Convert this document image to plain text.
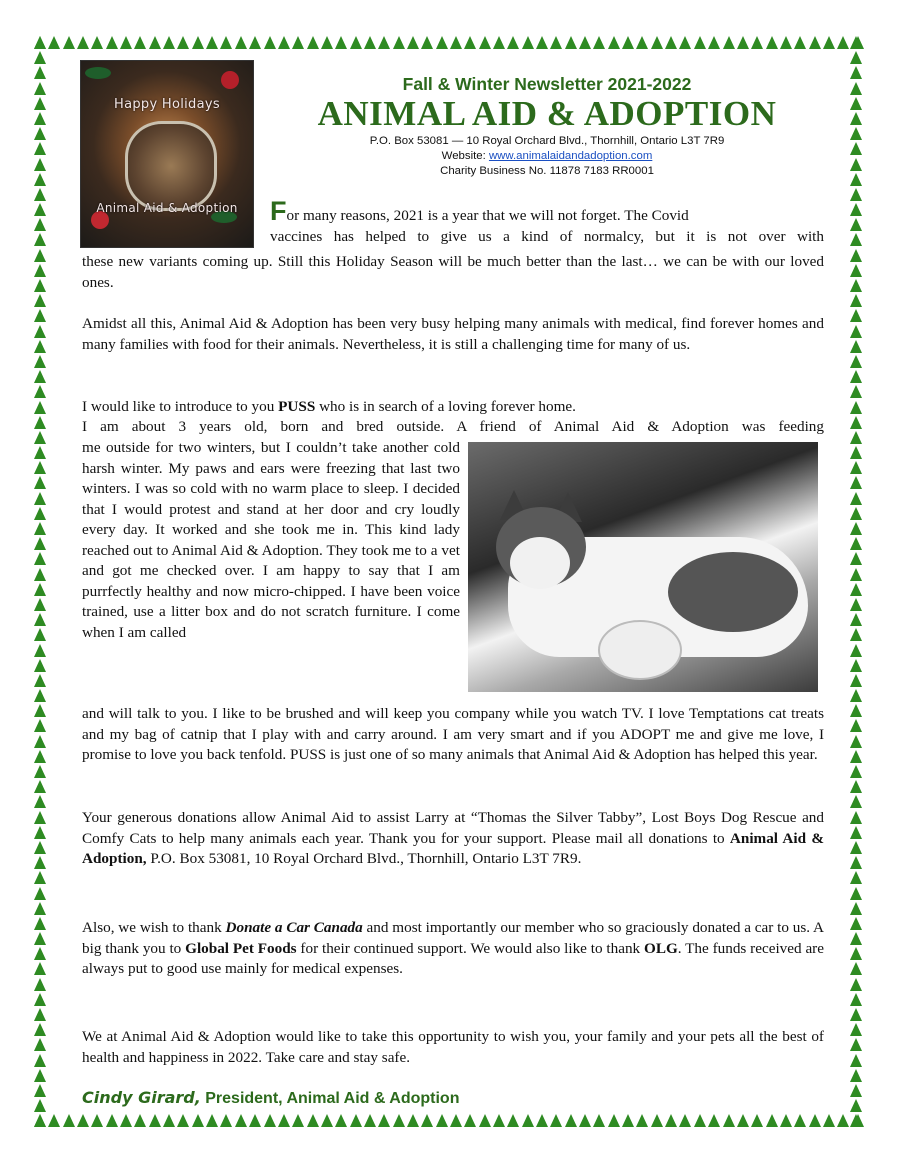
Happy Holidays
Animal Aid & Adoption
Fall & Winter Newsletter 2021-2022
ANIMAL AID & ADOPTION
P.O. Box 53081 — 10 Royal Orchard Blvd., Thornhill, Ontario L3T 7R9
Website: www.animalaidandadoption.com
Charity Business No. 11878 7183 RR0001
For many reasons, 2021 is a year that we will not forget. The Covid
vaccines has helped to give us a kind of normalcy, but it is not over with
these new variants coming up. Still this Holiday Season will be much better than the last… we can be with our loved ones.
Amidst all this, Animal Aid & Adoption has been very busy helping many animals with medical, find forever homes and many families with food for their animals. Nevertheless, it is still a challenging time for many of us.
I would like to introduce to you PUSS who is in search of a loving forever home.
I am about 3 years old, born and bred outside. A friend of Animal Aid & Adoption was feeding
me outside for two winters, but I couldn’t take another cold harsh winter. My paws and ears were freezing that last two winters. I was so cold with no warm place to sleep. I decided that I would protest and stand at her door and cry loudly every day. It worked and she took me in. This kind lady reached out to Animal Aid & Adoption. They took me to a vet and got me checked over. I am happy to say that I am purrfectly healthy and now micro-chipped. I have been voice trained, use a litter box and do not scratch furniture. I come when I am called
and will talk to you. I like to be brushed and will keep you company while you watch TV. I love Temptations cat treats and my bag of catnip that I play with and carry around. I am very smart and if you ADOPT me and give me love, I promise to love you back tenfold. PUSS is just one of so many animals that Animal Aid & Adoption has helped this year.
Your generous donations allow Animal Aid to assist Larry at “Thomas the Silver Tabby”, Lost Boys Dog Rescue and Comfy Cats to help many animals each year. Thank you for your support. Please mail all donations to Animal Aid & Adoption, P.O. Box 53081, 10 Royal Orchard Blvd., Thornhill, Ontario L3T 7R9.
Also, we wish to thank Donate a Car Canada and most importantly our member who so graciously donated a car to us. A big thank you to Global Pet Foods for their continued support. We would also like to thank OLG. The funds received are always put to good use mainly for medical expenses.
We at Animal Aid & Adoption would like to take this opportunity to wish you, your family and your pets all the best of health and happiness in 2022. Take care and stay safe.
Cindy Girard, President, Animal Aid & Adoption
